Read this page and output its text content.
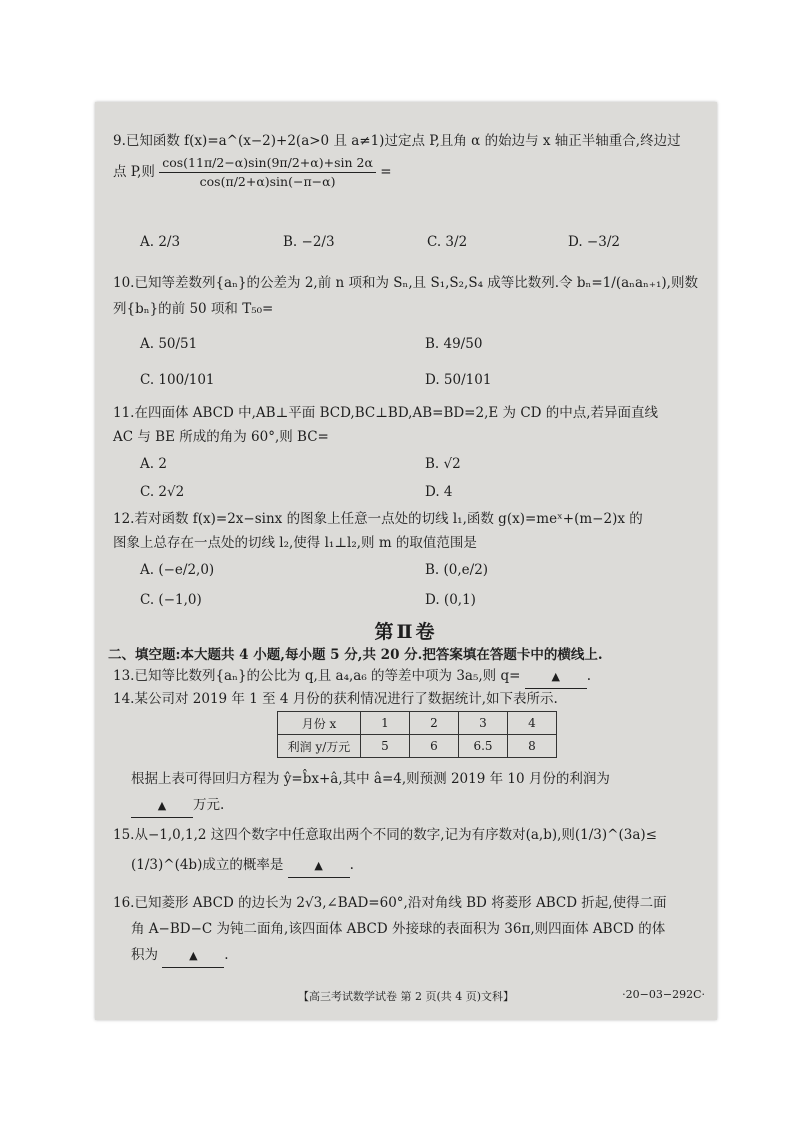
9.已知函数 f(x)=a^(x−2)+2(a>0 且 a≠1)过定点 P,且角 α 的始边与 x 轴正半轴重合,终边过
点 P,则 $\frac{\cos(11\pi/2-\alpha)\sin(9\pi/2+\alpha)+\sin 2\alpha}{\cos(\pi/2+\alpha)\sin(-\pi-\alpha)}$ =
A. 2/3	B. −2/3	C. 3/2	D. −3/2
10.已知等差数列{aₙ}的公差为 2,前 n 项和为 Sₙ,且 S₁,S₂,S₄ 成等比数列.令 bₙ=1/(aₙaₙ₊₁),则数
列{bₙ}的前 50 项和 T₅₀=
A. 50/51	B. 49/50
C. 100/101	D. 50/101
11.在四面体 ABCD 中,AB⊥平面 BCD,BC⊥BD,AB=BD=2,E 为 CD 的中点,若异面直线
AC 与 BE 所成的角为 60°,则 BC=
A. 2	B. √2
C. 2√2	D. 4
12.若对函数 f(x)=2x−sinx 的图象上任意一点处的切线 l₁,函数 g(x)=meˣ+(m−2)x 的
图象上总存在一点处的切线 l₂,使得 l₁⊥l₂,则 m 的取值范围是
A. (−e/2,0)	B. (0,e/2)
C. (−1,0)	D. (0,1)
第Ⅱ卷
二、填空题:本大题共 4 小题,每小题 5 分,共 20 分.把答案填在答题卡中的横线上.
13.已知等比数列{aₙ}的公比为 q,且 a₄,a₆ 的等差中项为 3a₅,则 q=	▲ .
14.某公司对 2019 年 1 至 4 月份的获利情况进行了数据统计,如下表所示.
月份 x	1	2	3	4
利润 y/万元	5	6	6.5	8
根据上表可得回归方程为 ŷ=b̂x+â,其中 â=4,则预测 2019 年 10 月份的利润为
▲ 万元.
15.从−1,0,1,2 这四个数字中任意取出两个不同的数字,记为有序数对(a,b),则(1/3)^(3a)≤
(1/3)^(4b)成立的概率是	▲ .
16.已知菱形 ABCD 的边长为 2√3,∠BAD=60°,沿对角线 BD 将菱形 ABCD 折起,使得二面
角 A−BD−C 为钝二面角,该四面体 ABCD 外接球的表面积为 36π,则四面体 ABCD 的体
积为	▲ .
【高三考试数学试卷 第 2 页(共 4 页)文科】	·20−03−292C·
